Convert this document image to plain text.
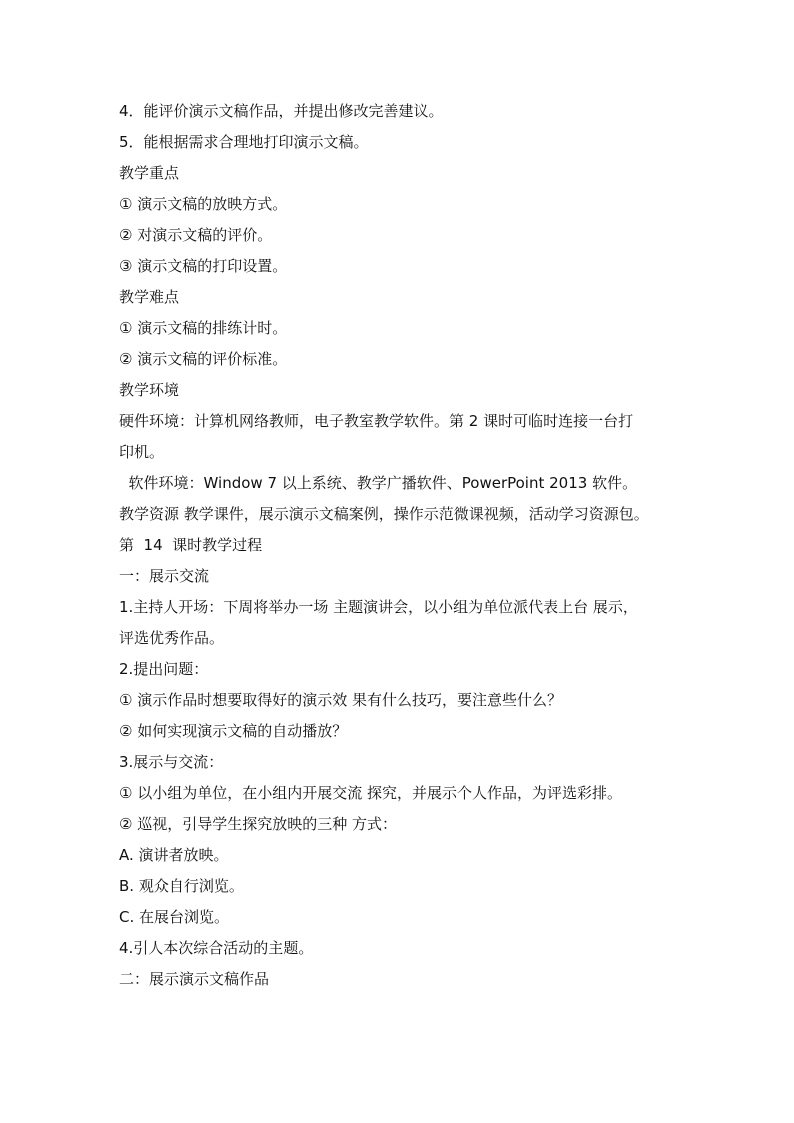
4．能评价演示文稿作品，并提出修改完善建议。
5．能根据需求合理地打印演示文稿。
教学重点
① 演示文稿的放映方式。
② 对演示文稿的评价。
③ 演示文稿的打印设置。
教学难点
① 演示文稿的排练计时。
② 演示文稿的评价标准。
教学环境
硬件环境：计算机网络教师，电子教室教学软件。第 2 课时可临时连接一台打
印机。
软件环境：Window 7 以上系统、教学广播软件、PowerPoint 2013 软件。
教学资源 教学课件，展示演示文稿案例，操作示范微课视频，活动学习资源包。
第  14  课时教学过程
一：展示交流
1.主持人开场：下周将举办一场 主题演讲会，以小组为单位派代表上台 展示，
评选优秀作品。
2.提出问题：
① 演示作品时想要取得好的演示效 果有什么技巧，要注意些什么？
② 如何实现演示文稿的自动播放？
3.展示与交流：
① 以小组为单位，在小组内开展交流 探究，并展示个人作品，为评选彩排。
② 巡视，引导学生探究放映的三种 方式：
A. 演讲者放映。
B. 观众自行浏览。
C. 在展台浏览。
4.引人本次综合活动的主题。
二：展示演示文稿作品
